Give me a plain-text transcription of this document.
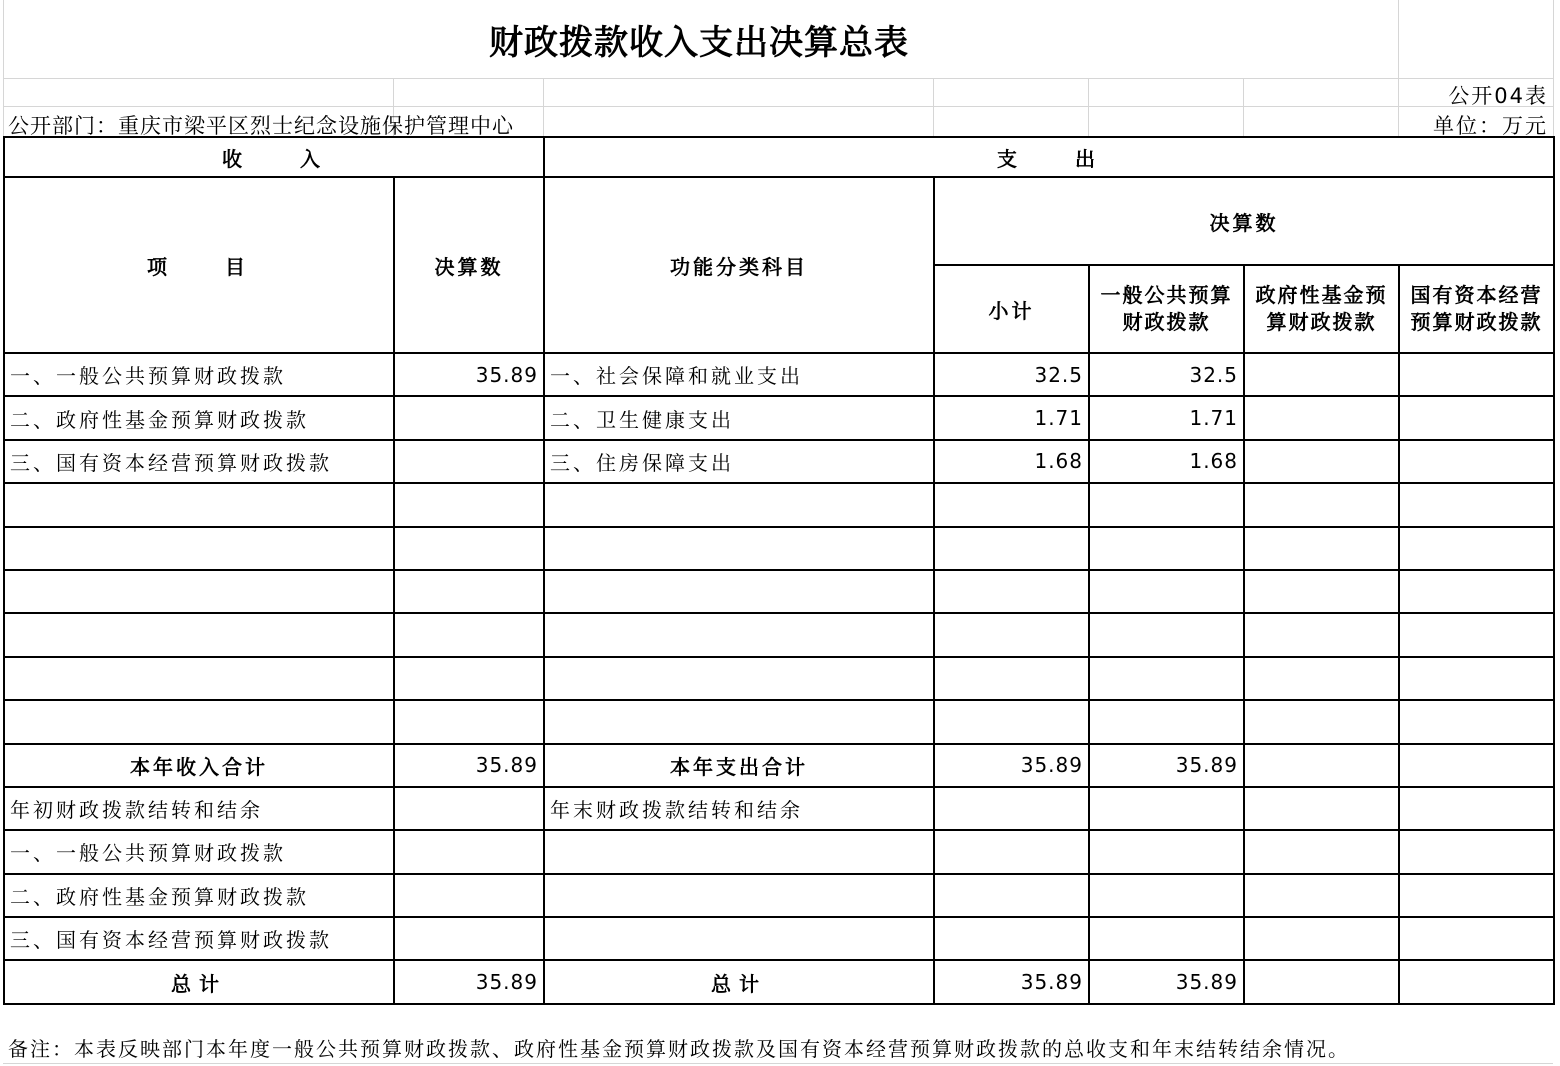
财政拨款收入支出决算总表
公开04表
公开部门：重庆市梁平区烈士纪念设施保护管理中心	单位：万元
收　　入		支　　出				
项　　目	决算数	功能分类科目	决算数			
			小计	一般公共预算财政拨款	政府性基金预算财政拨款	国有资本经营预算财政拨款
一、一般公共预算财政拨款	35.89	一、社会保障和就业支出	32.5	32.5		
二、政府性基金预算财政拨款		二、卫生健康支出	1.71	1.71		
三、国有资本经营预算财政拨款		三、住房保障支出	1.68	1.68		

本年收入合计	35.89	本年支出合计	35.89	35.89		
年初财政拨款结转和结余		年末财政拨款结转和结余				
一、一般公共预算财政拨款						
二、政府性基金预算财政拨款						
三、国有资本经营预算财政拨款						
总计	35.89	总计	35.89	35.89		
备注：本表反映部门本年度一般公共预算财政拨款、政府性基金预算财政拨款及国有资本经营预算财政拨款的总收支和年末结转结余情况。
